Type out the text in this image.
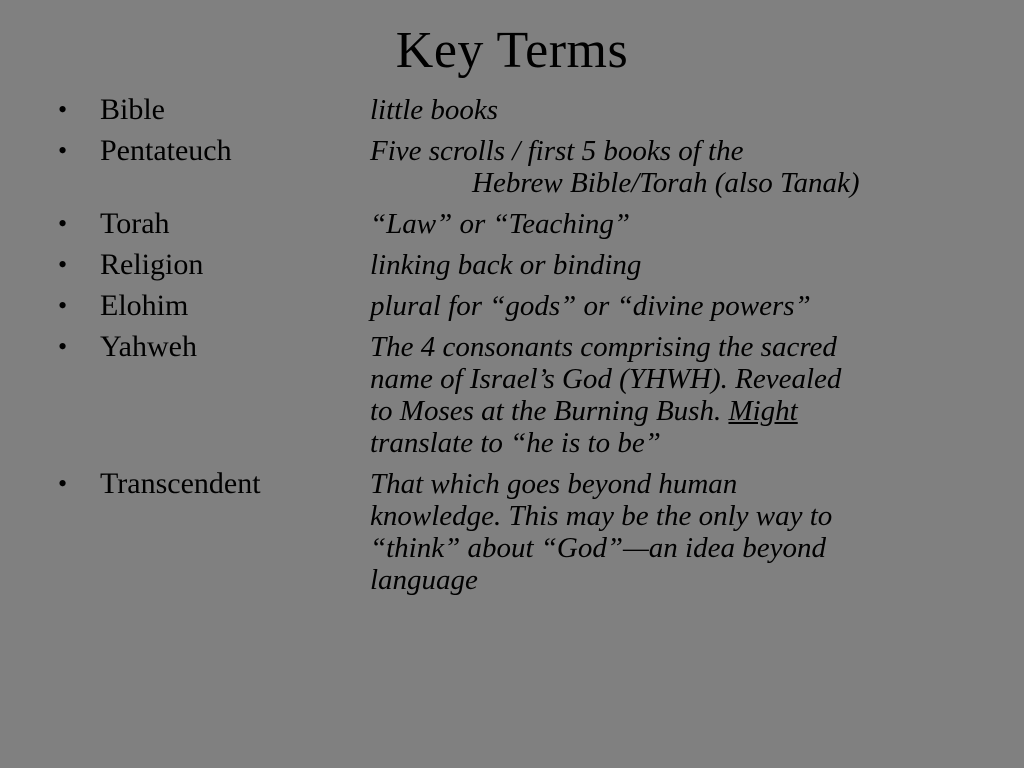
Key Terms
• Bible	little books
• Pentateuch	Five scrolls / first 5 books of the
Hebrew Bible/Torah (also Tanak)
• Torah	“Law” or “Teaching”
• Religion	linking back or binding
• Elohim	plural for “gods” or “divine powers”
• Yahweh	The 4 consonants comprising the sacred
name of Israel’s God (YHWH). Revealed
to Moses at the Burning Bush. Might
translate to “he is to be”
• Transcendent	That which goes beyond human
knowledge. This may be the only way to
“think” about “God”—an idea beyond
language
